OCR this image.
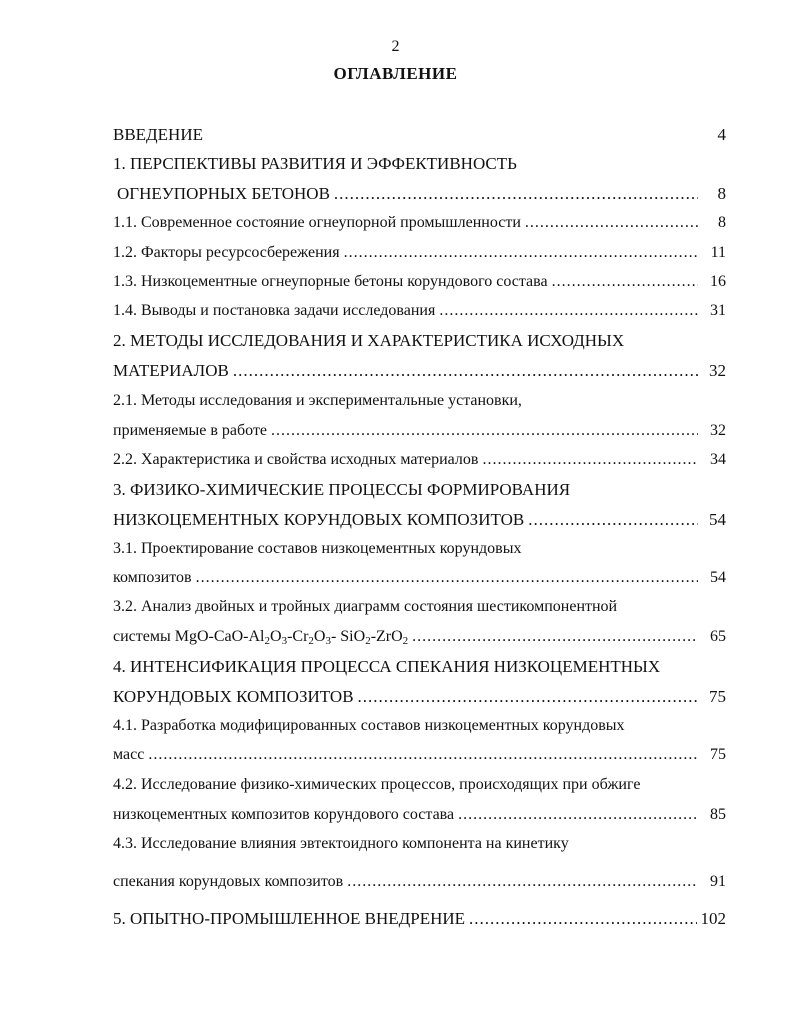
2
ОГЛАВЛЕНИЕ
ВВЕДЕНИЕ	4
1. ПЕРСПЕКТИВЫ РАЗВИТИЯ И ЭФФЕКТИВНОСТЬ
ОГНЕУПОРНЫХ БЕТОНОВ .....	8
1.1. Современное состояние огнеупорной промышленности .....	8
1.2. Факторы ресурсосбережения .....	11
1.3. Низкоцементные огнеупорные бетоны корундового состава .....	16
1.4. Выводы и постановка задачи исследования .....	31
2. МЕТОДЫ ИССЛЕДОВАНИЯ И ХАРАКТЕРИСТИКА ИСХОДНЫХ
МАТЕРИАЛОВ .....	32
2.1. Методы исследования и экспериментальные установки,
применяемые в работе .....	32
2.2. Характеристика и свойства исходных материалов .....	34
3. ФИЗИКО-ХИМИЧЕСКИЕ ПРОЦЕССЫ ФОРМИРОВАНИЯ
НИЗКОЦЕМЕНТНЫХ КОРУНДОВЫХ КОМПОЗИТОВ .....	54
3.1. Проектирование составов низкоцементных корундовых
композитов .....	54
3.2. Анализ двойных и тройных диаграмм состояния шестикомпонентной
системы MgO-$CaO-Al_2O_3-Cr_2O_3-$ SiO$_2$-ZrO$_2$ .....	65
4. ИНТЕНСИФИКАЦИЯ ПРОЦЕССА СПЕКАНИЯ НИЗКОЦЕМЕНТНЫХ
КОРУНДОВЫХ КОМПОЗИТОВ .....	75
4.1. Разработка модифицированных составов низкоцементных корундовых
масс .....	75
4.2. Исследование физико-химических процессов, происходящих при обжиге
низкоцементных композитов корундового состава .....	85
4.3. Исследование влияния эвтектоидного компонента на кинетику
спекания корундовых композитов .....	91
5. ОПЫТНО-ПРОМЫШЛЕННОЕ ВНЕДРЕНИЕ .....	102
